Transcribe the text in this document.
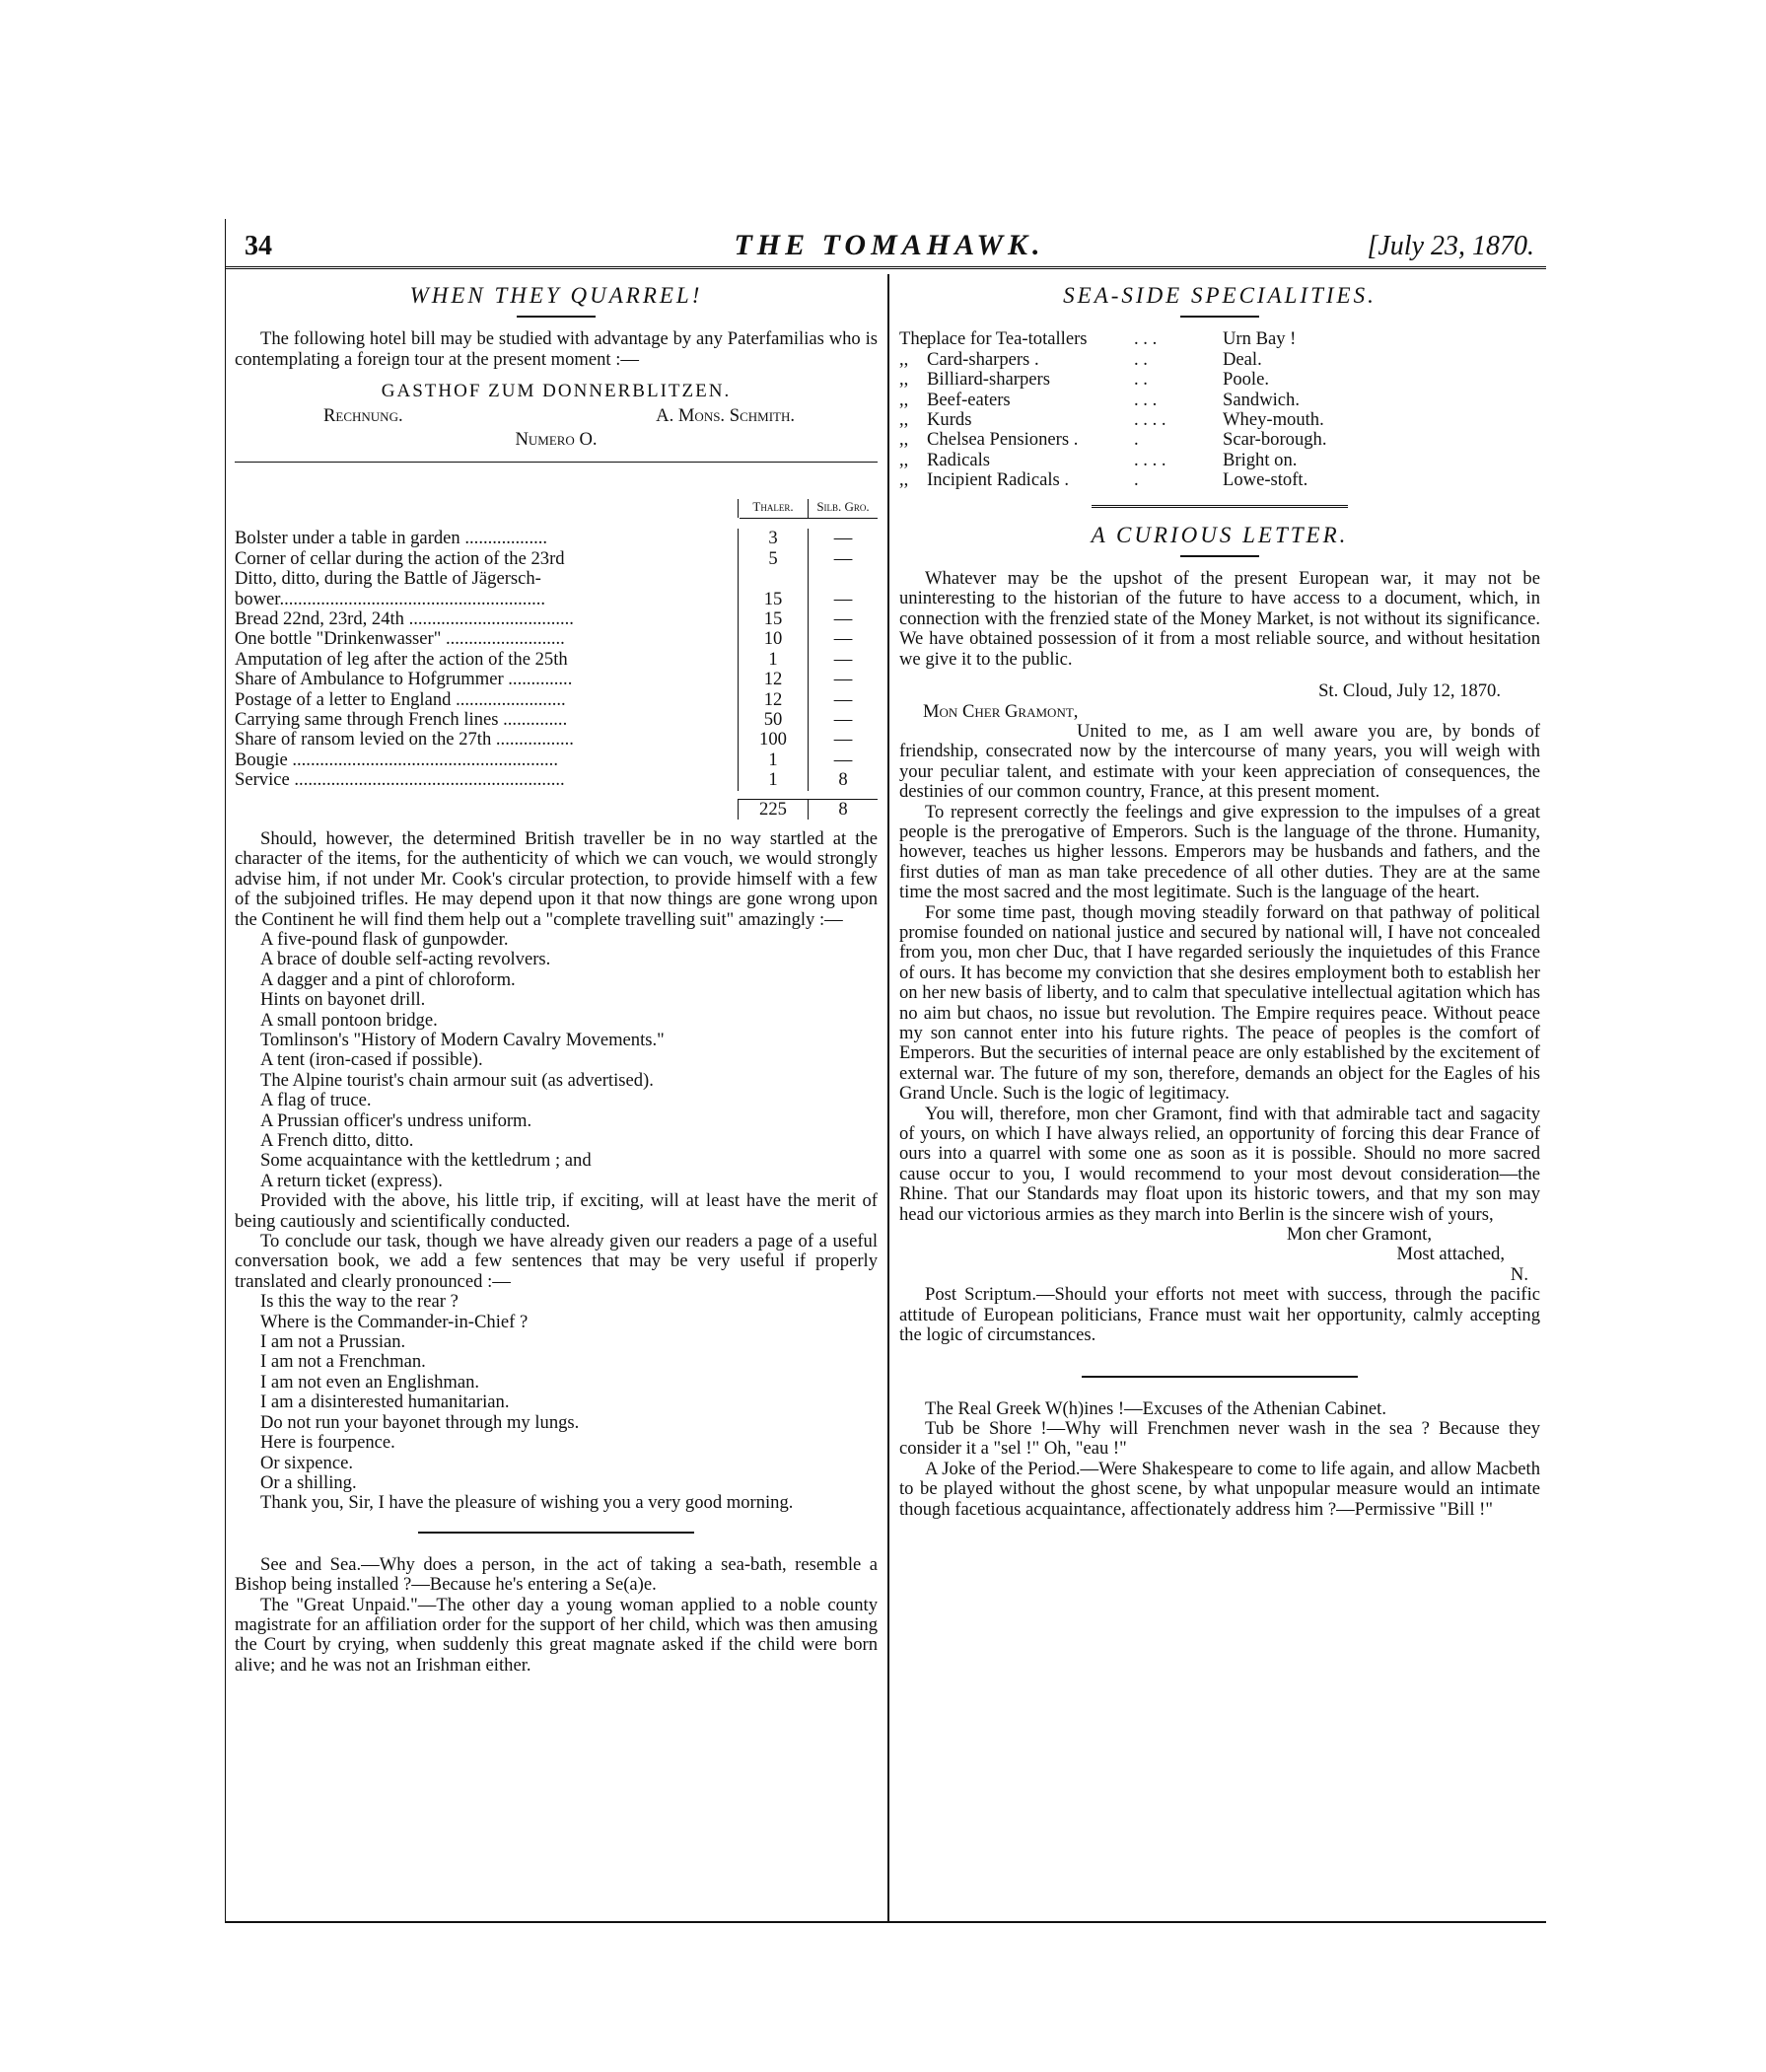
34	THE TOMAHAWK.	[July 23, 1870.
WHEN THEY QUARREL!

The following hotel bill may be studied with advantage by any Paterfamilias who is contemplating a foreign tour at the present moment :—

GASTHOF ZUM DONNERBLITZEN.
Rechnung.	A. Mons. Schmith.
Numero O.
Thaler.	Silb. Gro.
Bolster under a table in garden ..................	3	—
Corner of cellar during the action of the 23rd	5	—
Ditto, ditto, during the Battle of Jägersch-
bower..........................................................	15	—
Bread 22nd, 23rd, 24th ....................................	15	—
One bottle "Drinkenwasser" ..........................	10	—
Amputation of leg after the action of the 25th	1	—
Share of Ambulance to Hofgrummer ..............	12	—
Postage of a letter to England ........................	12	—
Carrying same through French lines ..............	50	—
Share of ransom levied on the 27th .................	100	—
Bougie ..........................................................	1	—
Service ...........................................................	1	8
225	8

Should, however, the determined British traveller be in no way startled at the character of the items, for the authenticity of which we can vouch, we would strongly advise him, if not under Mr. Cook's circular protection, to provide himself with a few of the subjoined trifles. He may depend upon it that now things are gone wrong upon the Continent he will find them help out a "complete travelling suit" amazingly :—

A five-pound flask of gunpowder.

A brace of double self-acting revolvers.

A dagger and a pint of chloroform.

Hints on bayonet drill.

A small pontoon bridge.

Tomlinson's "History of Modern Cavalry Movements."

A tent (iron-cased if possible).

The Alpine tourist's chain armour suit (as advertised).

A flag of truce.

A Prussian officer's undress uniform.

A French ditto, ditto.

Some acquaintance with the kettledrum ; and

A return ticket (express).

Provided with the above, his little trip, if exciting, will at least have the merit of being cautiously and scientifically conducted.

To conclude our task, though we have already given our readers a page of a useful conversation book, we add a few sentences that may be very useful if properly translated and clearly pronounced :—

Is this the way to the rear ?

Where is the Commander-in-Chief ?

I am not a Prussian.

I am not a Frenchman.

I am not even an Englishman.

I am a disinterested humanitarian.

Do not run your bayonet through my lungs.

Here is fourpence.

Or sixpence.

Or a shilling.

Thank you, Sir, I have the pleasure of wishing you a very good morning.

See and Sea.—Why does a person, in the act of taking a sea-bath, resemble a Bishop being installed ?—Because he's entering a Se(a)e.

The "Great Unpaid."—The other day a young woman applied to a noble county magistrate for an affiliation order for the support of her child, which was then amusing the Court by crying, when suddenly this great magnate asked if the child were born alive; and he was not an Irishman either.

SEA-SIDE SPECIALITIES.
The place for Tea-totallers	. . .	Urn Bay !
,,	Card-sharpers .	. .	Deal.
,,	Billiard-sharpers	. .	Poole.
,,	Beef-eaters	. . .	Sandwich.
,,	Kurds	. . . .	Whey-mouth.
,,	Chelsea Pensioners .	.	Scar-borough.
,,	Radicals	. . . .	Bright on.
,,	Incipient Radicals .	.	Lowe-stoft.
A CURIOUS LETTER.

Whatever may be the upshot of the present European war, it may not be uninteresting to the historian of the future to have access to a document, which, in connection with the frenzied state of the Money Market, is not without its significance. We have obtained possession of it from a most reliable source, and without hesitation we give it to the public.

St. Cloud, July 12, 1870.

Mon Cher Gramont,

United to me, as I am well aware you are, by bonds of friendship, consecrated now by the intercourse of many years, you will weigh with your peculiar talent, and estimate with your keen appreciation of consequences, the destinies of our common country, France, at this present moment.

To represent correctly the feelings and give expression to the impulses of a great people is the prerogative of Emperors. Such is the language of the throne. Humanity, however, teaches us higher lessons. Emperors may be husbands and fathers, and the first duties of man as man take precedence of all other duties. They are at the same time the most sacred and the most legitimate. Such is the language of the heart.

For some time past, though moving steadily forward on that pathway of political promise founded on national justice and secured by national will, I have not concealed from you, mon cher Duc, that I have regarded seriously the inquietudes of this France of ours. It has become my conviction that she desires employment both to establish her on her new basis of liberty, and to calm that speculative intellectual agitation which has no aim but chaos, no issue but revolution. The Empire requires peace. Without peace my son cannot enter into his future rights. The peace of peoples is the comfort of Emperors. But the securities of internal peace are only established by the excitement of external war. The future of my son, therefore, demands an object for the Eagles of his Grand Uncle. Such is the logic of legitimacy.

You will, therefore, mon cher Gramont, find with that admirable tact and sagacity of yours, on which I have always relied, an opportunity of forcing this dear France of ours into a quarrel with some one as soon as it is possible. Should no more sacred cause occur to you, I would recommend to your most devout consideration—the Rhine. That our Standards may float upon its historic towers, and that my son may head our victorious armies as they march into Berlin is the sincere wish of yours,

Mon cher Gramont,

Most attached,

N.

Post Scriptum.—Should your efforts not meet with success, through the pacific attitude of European politicians, France must wait her opportunity, calmly accepting the logic of circumstances.

The Real Greek W(h)ines !—Excuses of the Athenian Cabinet.

Tub be Shore !—Why will Frenchmen never wash in the sea ? Because they consider it a "sel !" Oh, "eau !"

A Joke of the Period.—Were Shakespeare to come to life again, and allow Macbeth to be played without the ghost scene, by what unpopular measure would an intimate though facetious acquaintance, affectionately address him ?—Permissive "Bill !"
